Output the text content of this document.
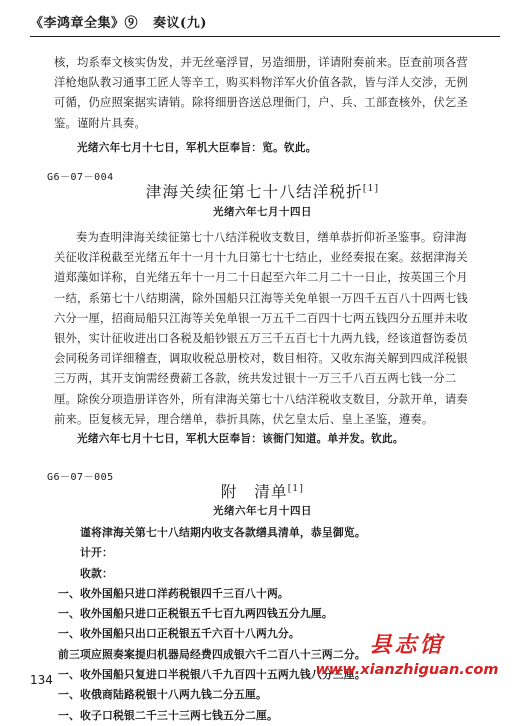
《李鸿章全集》⑨ 奏议(九)

核，均系奉文核实伪发，并无丝毫浮冒，另造细册，详请附奏前来。臣查前项各营

洋枪炮队教习通事工匠人等辛工，购买料物洋军火价值各款，皆与洋人交涉，无例

可循，仍应照案据实请销。除将细册咨送总理衙门，户、兵、工部查核外，伏乞圣

鉴。谨附片具奏。

光绪六年七月十七日，军机大臣奉旨：览。钦此。
G6－07－004
津海关续征第七十八结洋税折[1]
光绪六年七月十四日

奏为查明津海关续征第七十八结洋税收支数目，缮单恭折仰祈圣鉴事。窃津海

关征收洋税截至光绪五年十一月十九日第七十七结止，业经奏报在案。兹据津海关

道郑藻如详称，自光绪五年十一月二十日起至六年二月二十一日止，按英国三个月

一结，系第七十八结期满，除外国船只江海等关免单银一万四千五百八十四两七钱

六分一厘，招商局船只江海等关免单银一万五千二百四十七两五钱四分五厘并未收

银外，实计征收进出口各税及船钞银五万三千五百七十九两九钱，经该道督饬委员

会同税务司详细稽查，调取收税总册校对，数目相符。又收东海关解到四成洋税银

三万两，其开支饷需经费薪工各款，统共发过银十一万三千八百五两七钱一分二

厘。除俟分项造册详咨外，所有津海关第七十八结洋税收支数目，分款开单，请奏

前来。臣复核无异，理合缮单，恭折具陈，伏乞皇太后、皇上圣鉴，遵奏。

光绪六年七月十七日，军机大臣奉旨：该衙门知道。单并发。钦此。
G6－07－005
附　清单[1]
光绪六年七月十四日
谨将津海关第七十八结期内收支各款缮具清单，恭呈御览。
计开：
收款：
一、收外国船只进口洋药税银四千三百八十两。
一、收外国船只进口正税银五千七百九两四钱五分九厘。
一、收外国船只出口正税银五千六百十八两九分。
前三项应照奏案提归机器局经费四成银六千二百八十三两二分。
一、收外国船只复进口半税银八千九百四十五两九钱八分三厘。
一、收俄商陆路税银十八两九钱二分五厘。
一、收子口税银二千三十三两七钱五分二厘。
134
县志馆
www.xianzhiguan.com
